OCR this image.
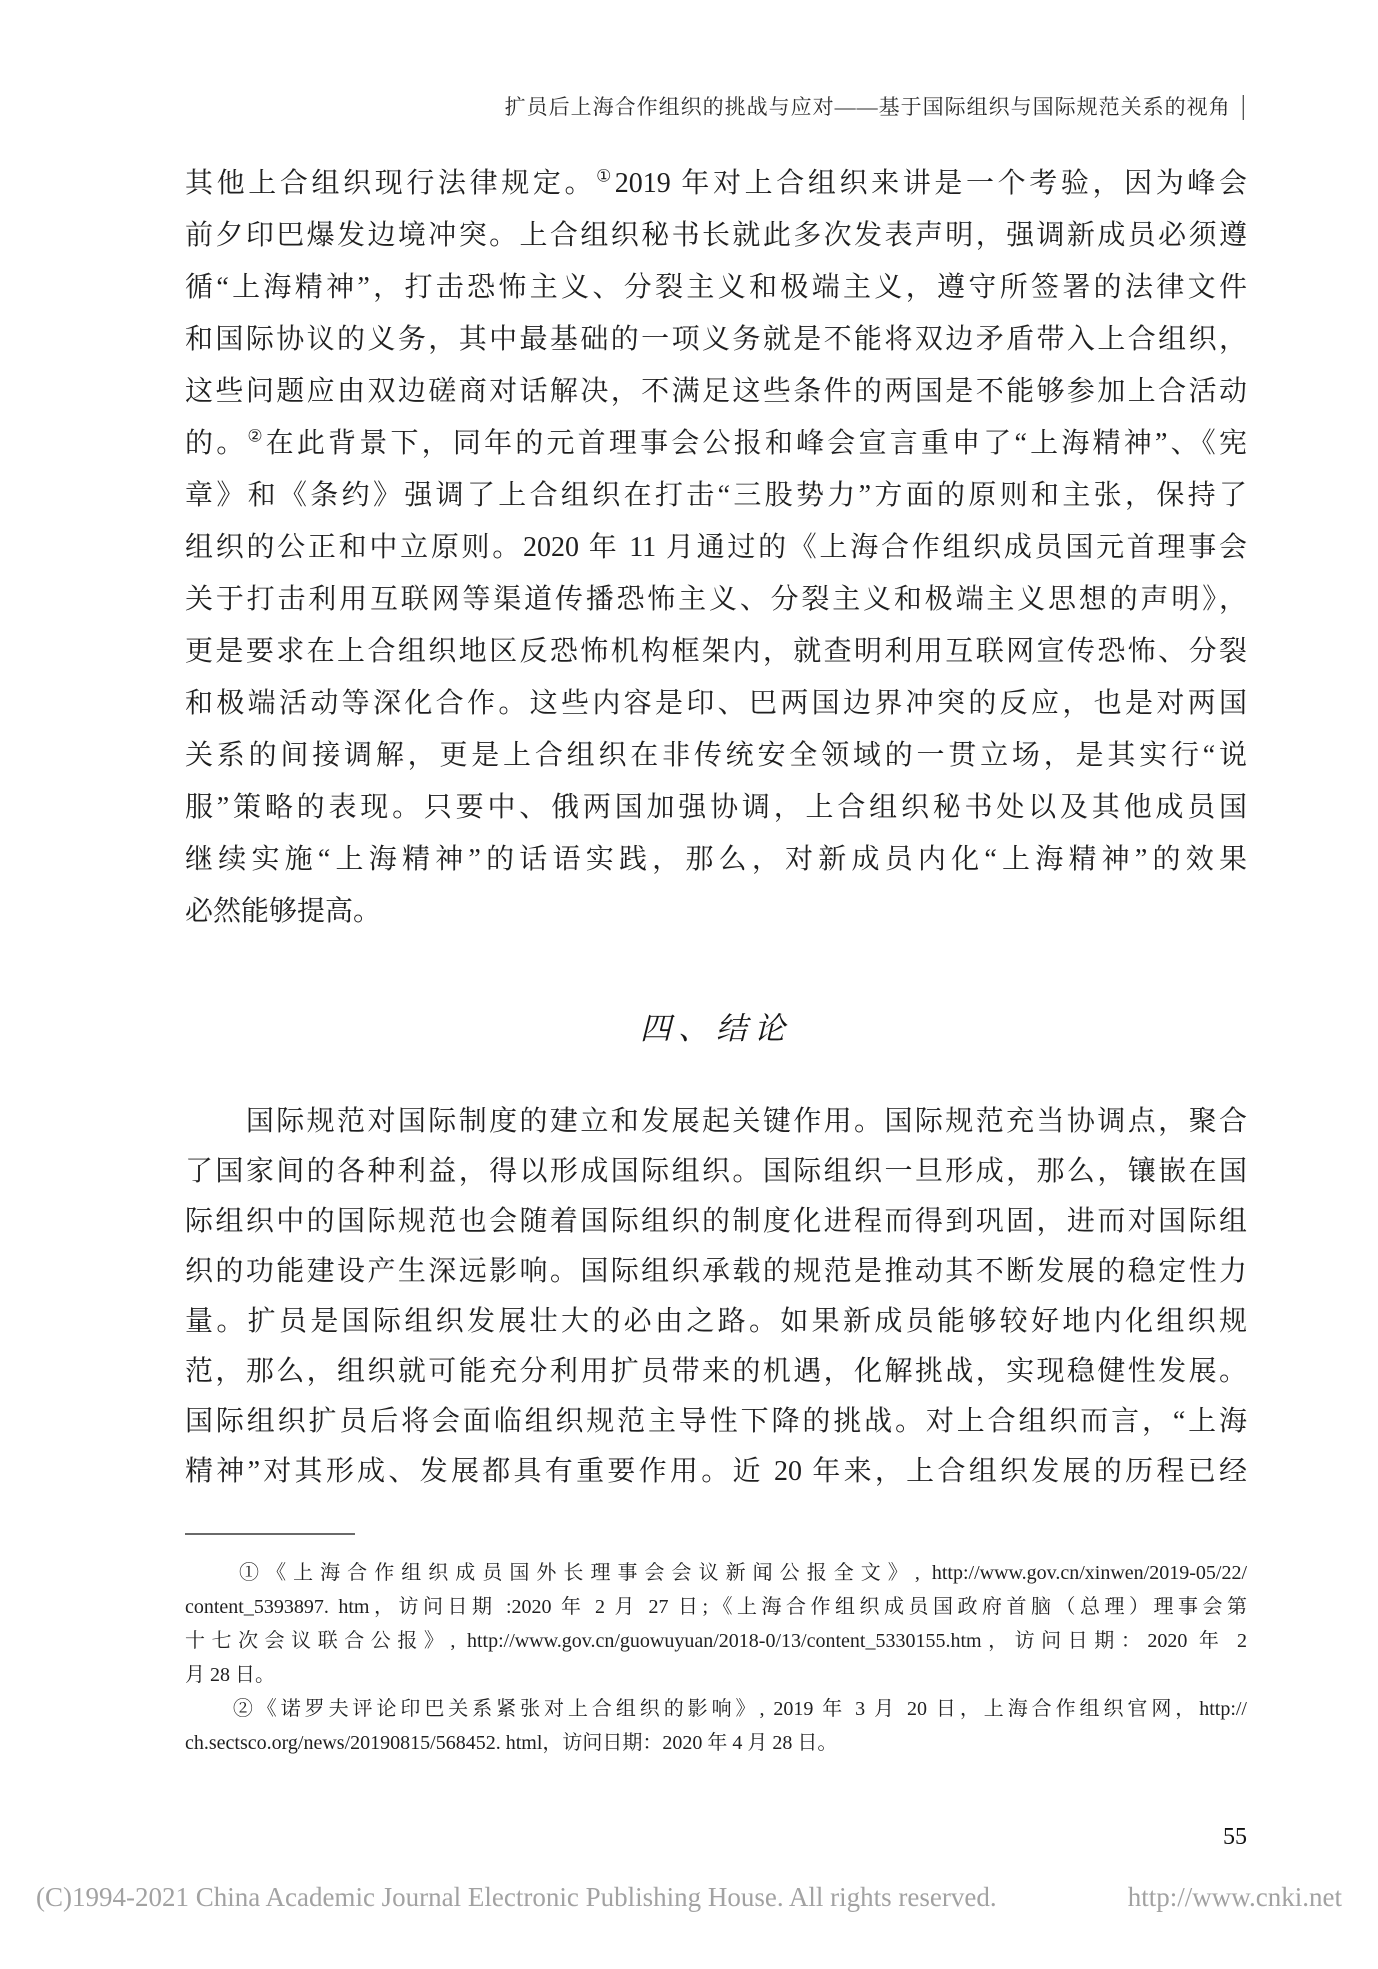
扩员后上海合作组织的挑战与应对——基于国际组织与国际规范关系的视角 |
其他上合组织现行法律规定。①2019 年对上合组织来讲是一个考验，因为峰会
前夕印巴爆发边境冲突。上合组织秘书长就此多次发表声明，强调新成员必须遵
循“上海精神”，打击恐怖主义、分裂主义和极端主义，遵守所签署的法律文件
和国际协议的义务，其中最基础的一项义务就是不能将双边矛盾带入上合组织，
这些问题应由双边磋商对话解决，不满足这些条件的两国是不能够参加上合活动
的。②在此背景下，同年的元首理事会公报和峰会宣言重申了“上海精神”、《宪
章》和《条约》强调了上合组织在打击“三股势力”方面的原则和主张，保持了
组织的公正和中立原则。2020 年 11 月通过的《上海合作组织成员国元首理事会
关于打击利用互联网等渠道传播恐怖主义、分裂主义和极端主义思想的声明》，
更是要求在上合组织地区反恐怖机构框架内，就查明利用互联网宣传恐怖、分裂
和极端活动等深化合作。这些内容是印、巴两国边界冲突的反应，也是对两国
关系的间接调解，更是上合组织在非传统安全领域的一贯立场，是其实行“说
服”策略的表现。只要中、俄两国加强协调，上合组织秘书处以及其他成员国
继续实施“上海精神”的话语实践，那么，对新成员内化“上海精神”的效果
必然能够提高。
四、结论
　　国际规范对国际制度的建立和发展起关键作用。国际规范充当协调点，聚合
了国家间的各种利益，得以形成国际组织。国际组织一旦形成，那么，镶嵌在国
际组织中的国际规范也会随着国际组织的制度化进程而得到巩固，进而对国际组
织的功能建设产生深远影响。国际组织承载的规范是推动其不断发展的稳定性力
量。扩员是国际组织发展壮大的必由之路。如果新成员能够较好地内化组织规
范，那么，组织就可能充分利用扩员带来的机遇，化解挑战，实现稳健性发展。
国际组织扩员后将会面临组织规范主导性下降的挑战。对上合组织而言，“上海
精神”对其形成、发展都具有重要作用。近 20 年来，上合组织发展的历程已经
　　①《上海合作组织成员国外长理事会会议新闻公报全文》, http://www.gov.cn/xinwen/2019-05/22/
content_5393897. htm，访问日期 :2020 年 2 月 27 日;《上海合作组织成员国政府首脑（总理）理事会第
十七次会议联合公报》, http://www.gov.cn/guowuyuan/2018-0/13/content_5330155.htm，访问日期：2020 年 2
月 28 日。
　　②《诺罗夫评论印巴关系紧张对上合组织的影响》, 2019 年 3 月 20 日，上海合作组织官网，http://
ch.sectsco.org/news/20190815/568452. html，访问日期：2020 年 4 月 28 日。
55
(C)1994-2021 China Academic Journal Electronic Publishing House. All rights reserved.	http://www.cnki.net
